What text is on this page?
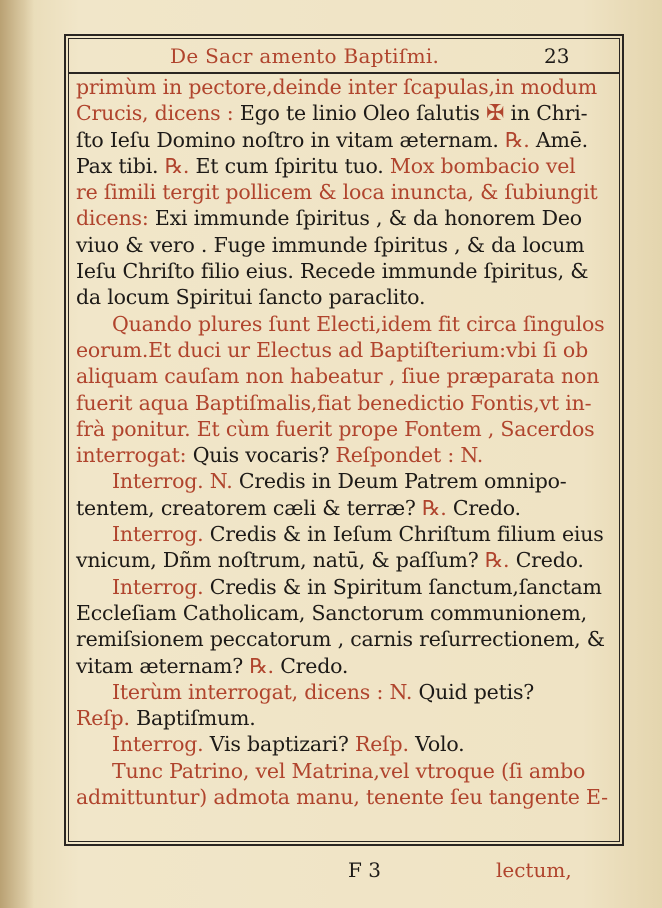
De Sacr amento Baptiſmi.	23
primùm in pectore,deinde inter ſcapulas,in modum
Crucis, dicens : Ego te linio Oleo ſalutis ✠ in Chri-
ſto Ieſu Domino noſtro in vitam æternam. ℞. Amē.
Pax tibi. ℞. Et cum ſpiritu tuo. Mox bombacio vel
re ſimili tergit pollicem & loca inuncta, & ſubiungit
dicens: Exi immunde ſpiritus , & da honorem Deo
viuo & vero . Fuge immunde ſpiritus , & da locum
Ieſu Chriſto filio eius. Recede immunde ſpiritus, &
da locum Spiritui ſancto paraclito.
Quando plures ſunt Electi,idem fit circa ſingulos
eorum.Et duci ur Electus ad Baptiſterium:vbi ſi ob
aliquam cauſam non habeatur , ſiue præparata non
fuerit aqua Baptiſmalis,fiat benedictio Fontis,vt in-
frà ponitur. Et cùm fuerit prope Fontem , Sacerdos
interrogat: Quis vocaris? Reſpondet : N.
Interrog. N. Credis in Deum Patrem omnipo-
tentem, creatorem cæli & terræ? ℞. Credo.
Interrog. Credis & in Ieſum Chriſtum filium eius
vnicum, Dñm noſtrum, natū, & paſſum? ℞. Credo.
Interrog. Credis & in Spiritum ſanctum,ſanctam
Eccleſiam Catholicam, Sanctorum communionem,
remiſsionem peccatorum , carnis reſurrectionem, &
vitam æternam? ℞. Credo.
Iterùm interrogat, dicens : N. Quid petis?
Reſp. Baptiſmum.
Interrog. Vis baptizari? Reſp. Volo.
Tunc Patrino, vel Matrina,vel vtroque (ſi ambo
admittuntur) admota manu, tenente ſeu tangente E-
F 3	lectum,
